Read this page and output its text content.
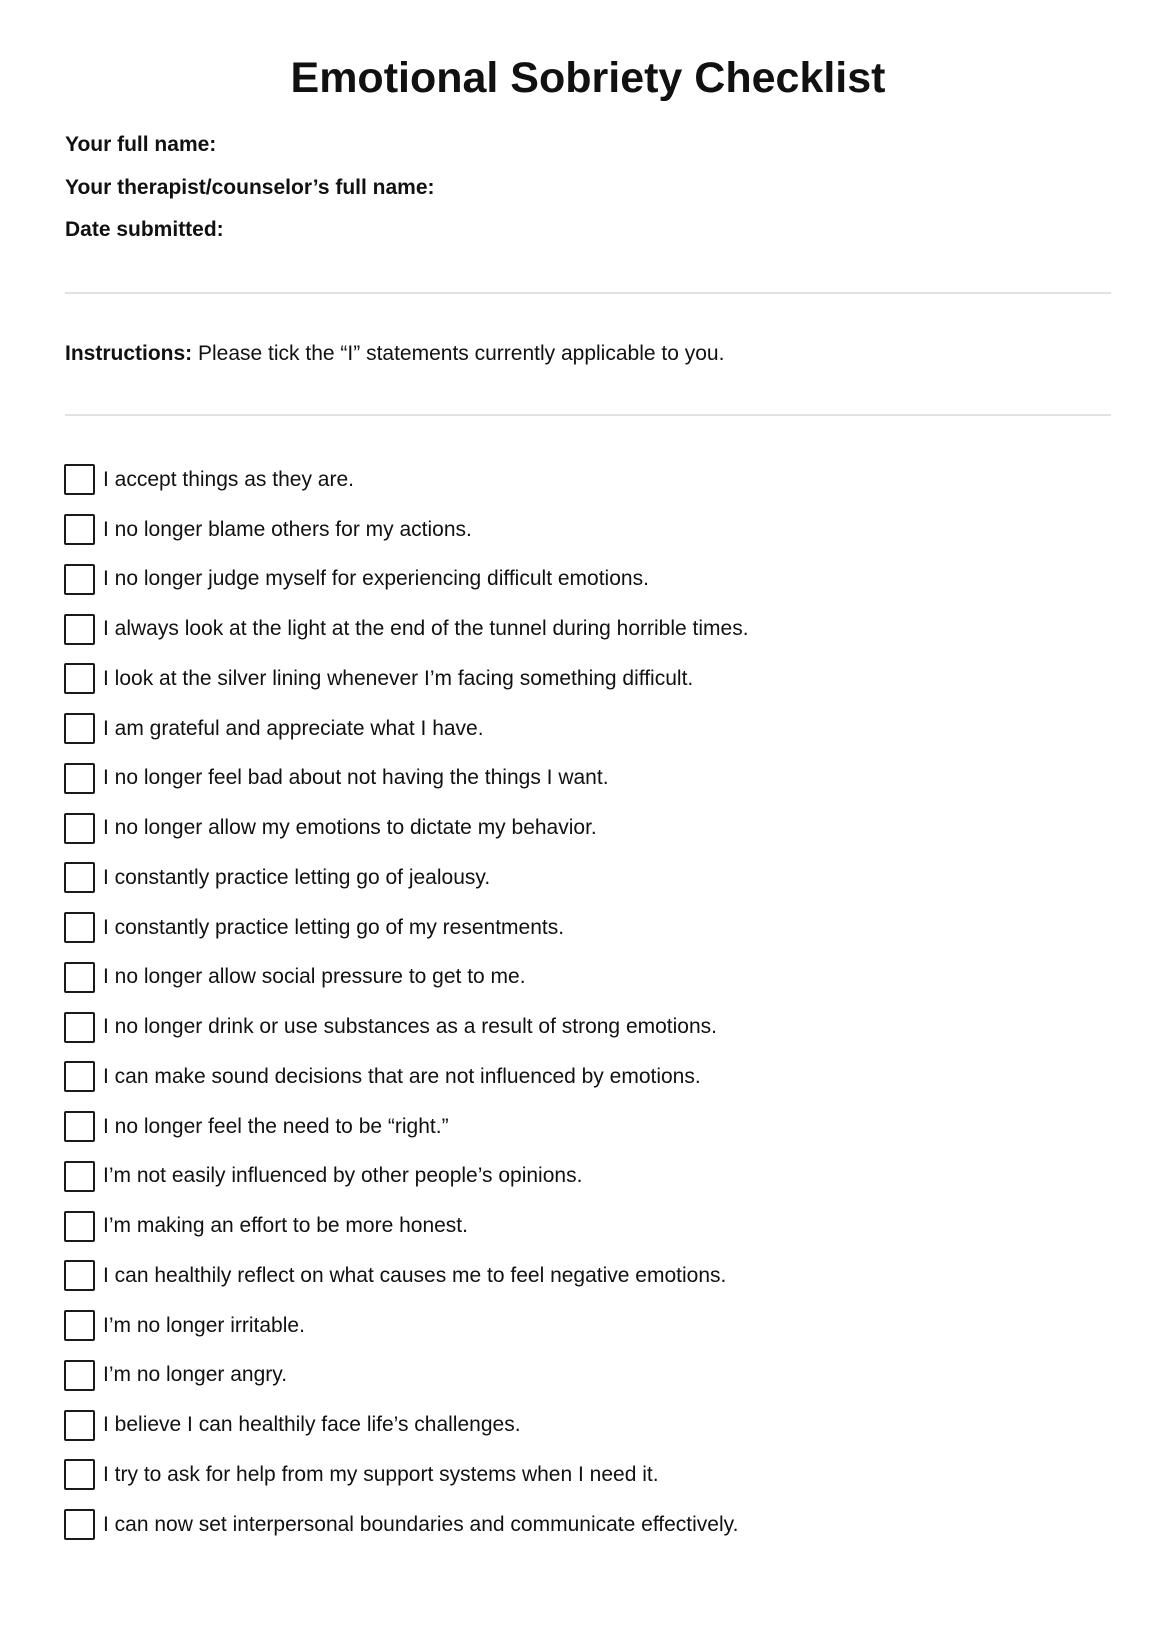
Emotional Sobriety Checklist
Your full name:
Your therapist/counselor’s full name:
Date submitted:
Instructions: Please tick the “I” statements currently applicable to you.
I accept things as they are.
I no longer blame others for my actions.
I no longer judge myself for experiencing difficult emotions.
I always look at the light at the end of the tunnel during horrible times.
I look at the silver lining whenever I’m facing something difficult.
I am grateful and appreciate what I have.
I no longer feel bad about not having the things I want.
I no longer allow my emotions to dictate my behavior.
I constantly practice letting go of jealousy.
I constantly practice letting go of my resentments.
I no longer allow social pressure to get to me.
I no longer drink or use substances as a result of strong emotions.
I can make sound decisions that are not influenced by emotions.
I no longer feel the need to be “right.”
I’m not easily influenced by other people’s opinions.
I’m making an effort to be more honest.
I can healthily reflect on what causes me to feel negative emotions.
I’m no longer irritable.
I’m no longer angry.
I believe I can healthily face life’s challenges.
I try to ask for help from my support systems when I need it.
I can now set interpersonal boundaries and communicate effectively.
